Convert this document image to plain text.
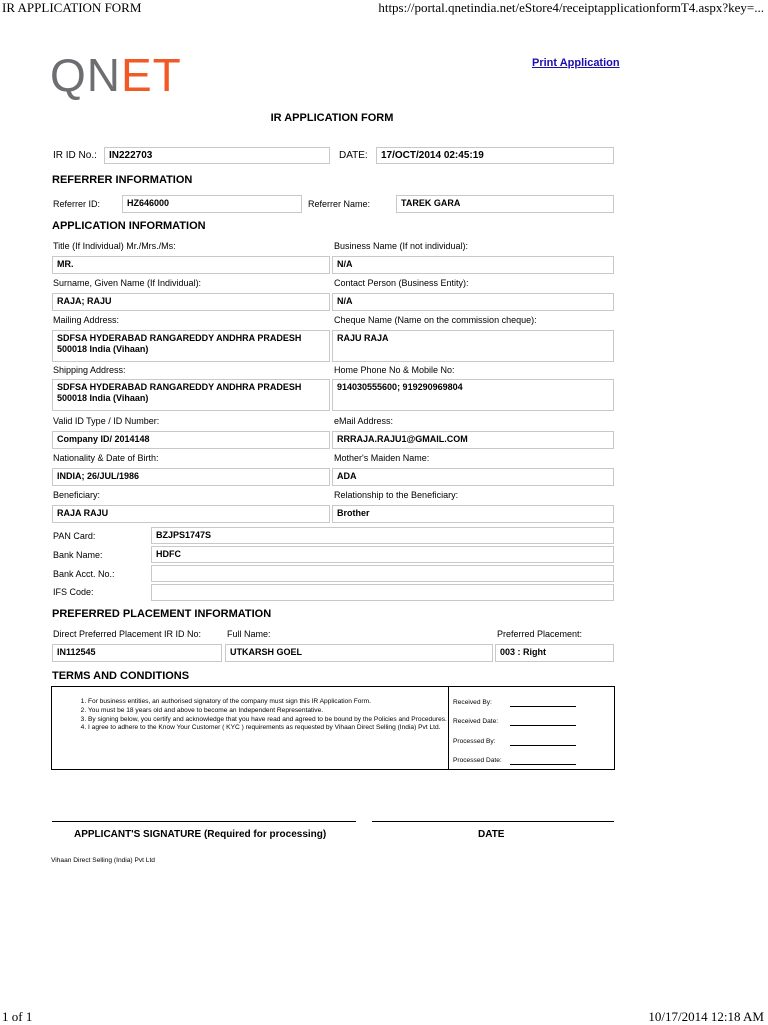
IR APPLICATION FORM	https://portal.qnetindia.net/eStore4/receiptapplicationformT4.aspx?key=...
1 of 1	10/17/2014 12:18 AM
QNET	Print Application
IR APPLICATION FORM
IR ID No.:	IN222703	DATE:	17/OCT/2014 02:45:19
REFERRER INFORMATION
Referrer ID:	HZ646000	Referrer Name:	TAREK GARA
APPLICATION INFORMATION
Title (If Individual) Mr./Mrs./Ms:	Business Name (If not individual):
MR.	N/A
Surname, Given Name (If Individual):	Contact Person (Business Entity):
RAJA; RAJU	N/A
Mailing Address:	Cheque Name (Name on the commission cheque):
SDFSA HYDERABAD RANGAREDDY ANDHRA PRADESH
500018 India (Vihaan)
RAJU RAJA
Shipping Address:	Home Phone No & Mobile No:
SDFSA HYDERABAD RANGAREDDY ANDHRA PRADESH
500018 India (Vihaan)
914030555600; 919290969804
Valid ID Type / ID Number:	eMail Address:
Company ID/ 2014148	RRRAJA.RAJU1@GMAIL.COM
Nationality & Date of Birth:	Mother's Maiden Name:
INDIA; 26/JUL/1986	ADA
Beneficiary:	Relationship to the Beneficiary:
RAJA RAJU	Brother
PAN Card:	BZJPS1747S
Bank Name:	HDFC
Bank Acct. No.:
IFS Code:
PREFERRED PLACEMENT INFORMATION
Direct Preferred Placement IR ID No:	Full Name:	Preferred Placement:
IN112545	UTKARSH GOEL	003 : Right
TERMS AND CONDITIONS
1. For business entities, an authorised signatory of the company must sign this IR Application Form.
2. You must be 18 years old and above to become an Independent Representative.
3. By signing below, you certify and acknowledge that you have read and agreed to be bound by the Policies and Procedures.
4. I agree to adhere to the Know Your Customer ( KYC ) requirements as requested by Vihaan Direct Selling (India) Pvt Ltd.
Received By:
Received Date:
Processed By:
Processed Date:
APPLICANT'S SIGNATURE (Required for processing)	DATE
Vihaan Direct Selling (India) Pvt Ltd
